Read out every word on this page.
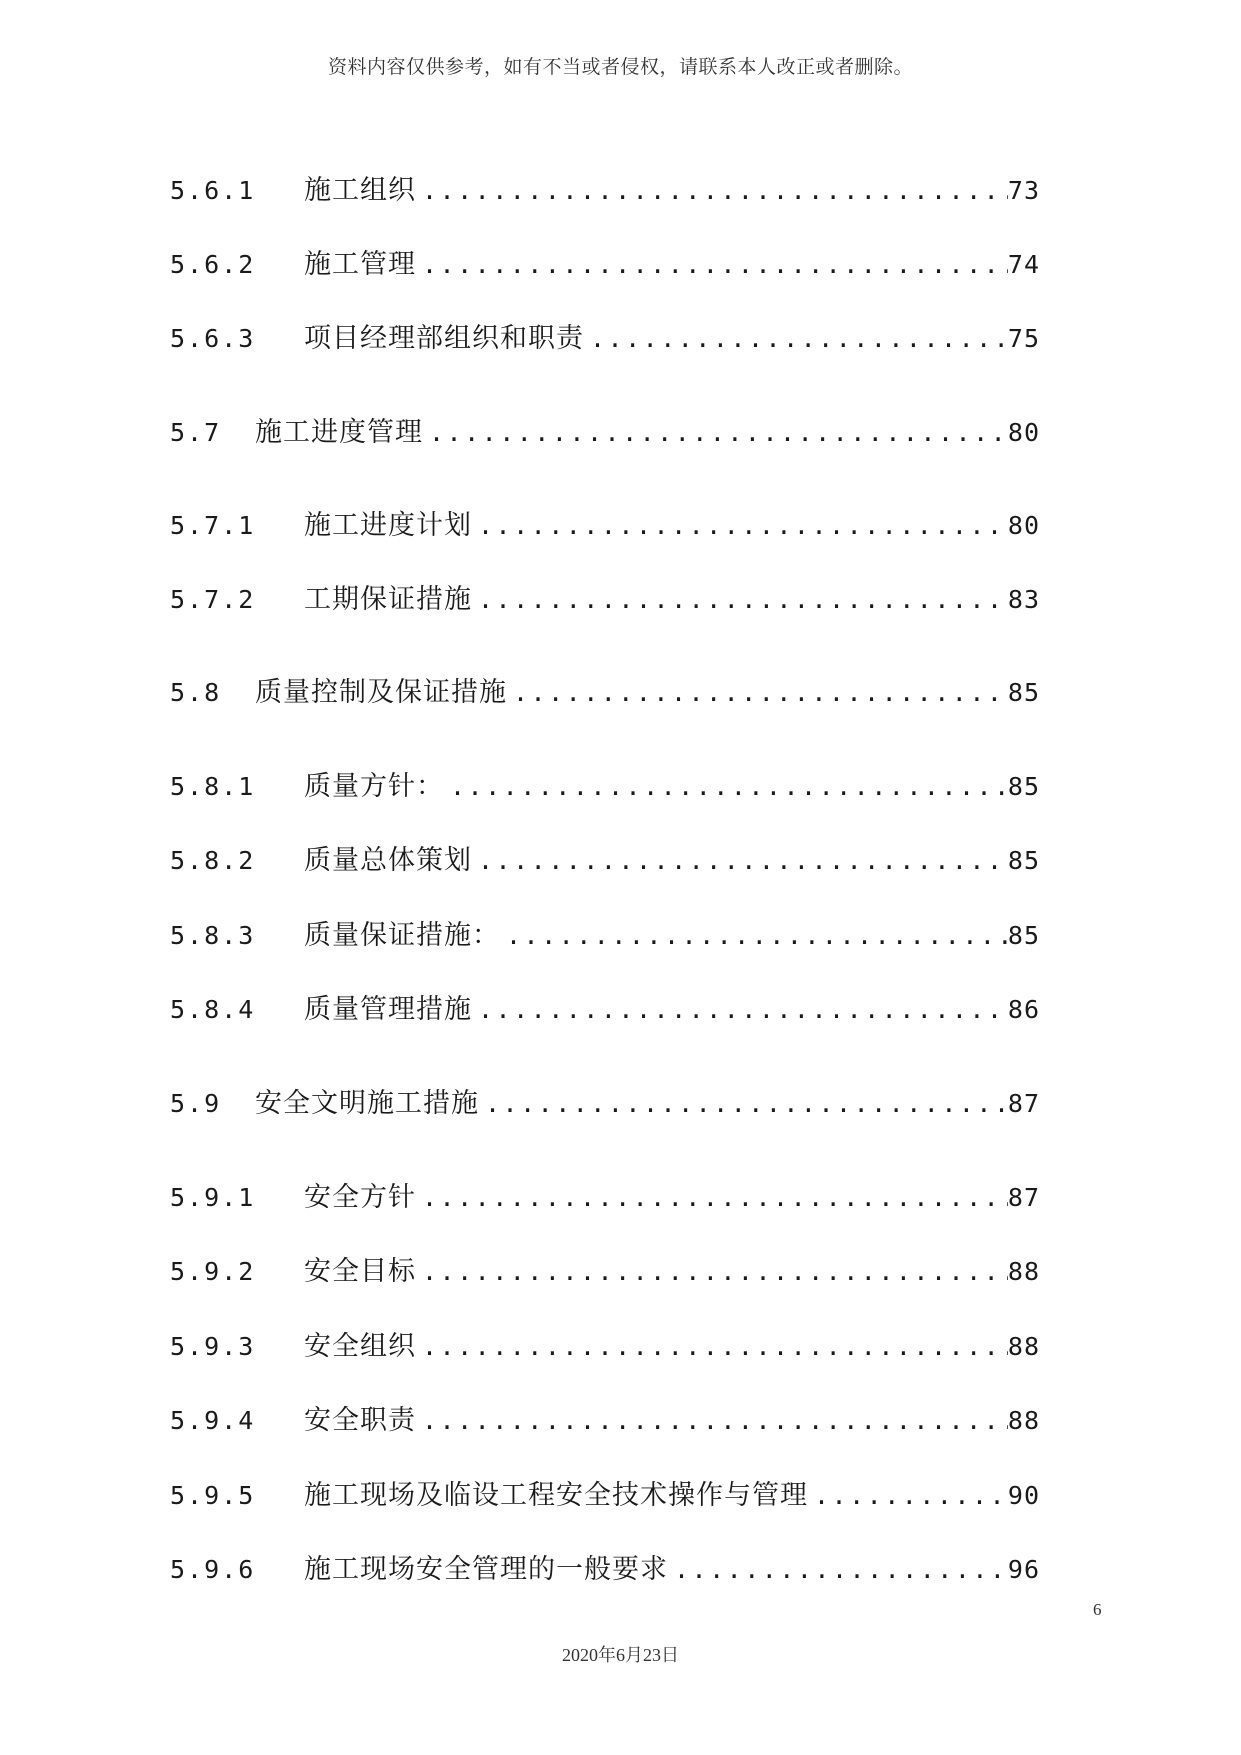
资料内容仅供参考，如有不当或者侵权，请联系本人改正或者删除。
5.6.1	施工组织 .....	73
5.6.2	施工管理 .....	74
5.6.3	项目经理部组织和职责 .....	75
5.7	施工进度管理 .....	80
5.7.1	施工进度计划 .....	80
5.7.2	工期保证措施 .....	83
5.8	质量控制及保证措施 .....	85
5.8.1	质量方针： .....	85
5.8.2	质量总体策划 .....	85
5.8.3	质量保证措施： .....	85
5.8.4	质量管理措施 .....	86
5.9	安全文明施工措施 .....	87
5.9.1	安全方针 .....	87
5.9.2	安全目标 .....	88
5.9.3	安全组织 .....	88
5.9.4	安全职责 .....	88
5.9.5	施工现场及临设工程安全技术操作与管理 .....	90
5.9.6	施工现场安全管理的一般要求 .....	96
6
2020年6月23日
